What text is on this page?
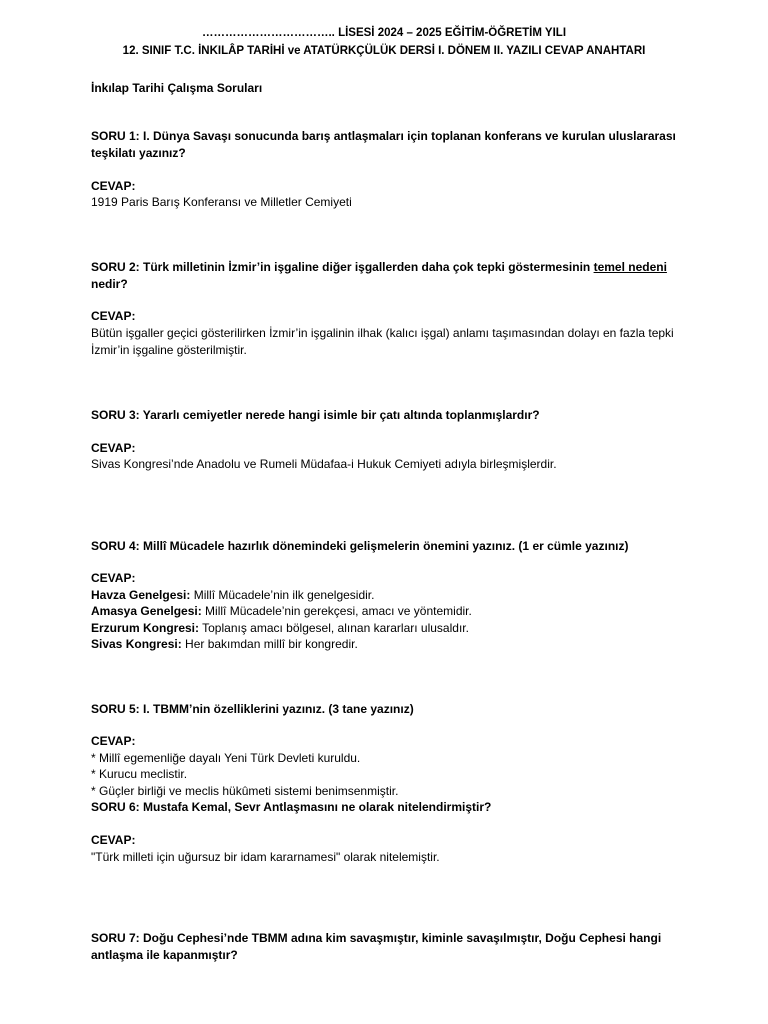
…………………………….. LİSESİ 2024 – 2025 EĞİTİM-ÖĞRETİM YILI
12. SINIF T.C. İNKILÂP TARİHİ ve ATATÜRKÇÜLÜK DERSİ I. DÖNEM II. YAZILI CEVAP ANAHTARI
İnkılap Tarihi Çalışma Soruları
SORU 1: I. Dünya Savaşı sonucunda barış antlaşmaları için toplanan konferans ve kurulan uluslararası teşkilatı yazınız?
CEVAP:
1919 Paris Barış Konferansı ve Milletler Cemiyeti
SORU 2: Türk milletinin İzmir’in işgaline diğer işgallerden daha çok tepki göstermesinin temel nedeni nedir?
CEVAP:
Bütün işgaller geçici gösterilirken İzmir’in işgalinin ilhak (kalıcı işgal) anlamı taşımasından dolayı en fazla tepki İzmir’in işgaline gösterilmiştir.
SORU 3: Yararlı cemiyetler nerede hangi isimle bir çatı altında toplanmışlardır?
CEVAP:
Sivas Kongresi’nde Anadolu ve Rumeli Müdafaa-i Hukuk Cemiyeti adıyla birleşmişlerdir.
SORU 4: Millî Mücadele hazırlık dönemindeki gelişmelerin önemini yazınız. (1 er cümle yazınız)
CEVAP:
Havza Genelgesi: Millî Mücadele’nin ilk genelgesidir.
Amasya Genelgesi: Millî Mücadele’nin gerekçesi, amacı ve yöntemidir.
Erzurum Kongresi: Toplanış amacı bölgesel, alınan kararları ulusaldır.
Sivas Kongresi: Her bakımdan millî bir kongredir.
SORU 5: I. TBMM’nin özelliklerini yazınız. (3 tane yazınız)
CEVAP:
* Millî egemenliğe dayalı Yeni Türk Devleti kuruldu.
* Kurucu meclistir.
* Güçler birliği ve meclis hükûmeti sistemi benimsenmiştir.
SORU 6: Mustafa Kemal, Sevr Antlaşmasını ne olarak nitelendirmiştir?
CEVAP:
"Türk milleti için uğursuz bir idam kararnamesi" olarak nitelemiştir.
SORU 7: Doğu Cephesi’nde TBMM adına kim savaşmıştır, kiminle savaşılmıştır, Doğu Cephesi hangi antlaşma ile kapanmıştır?
